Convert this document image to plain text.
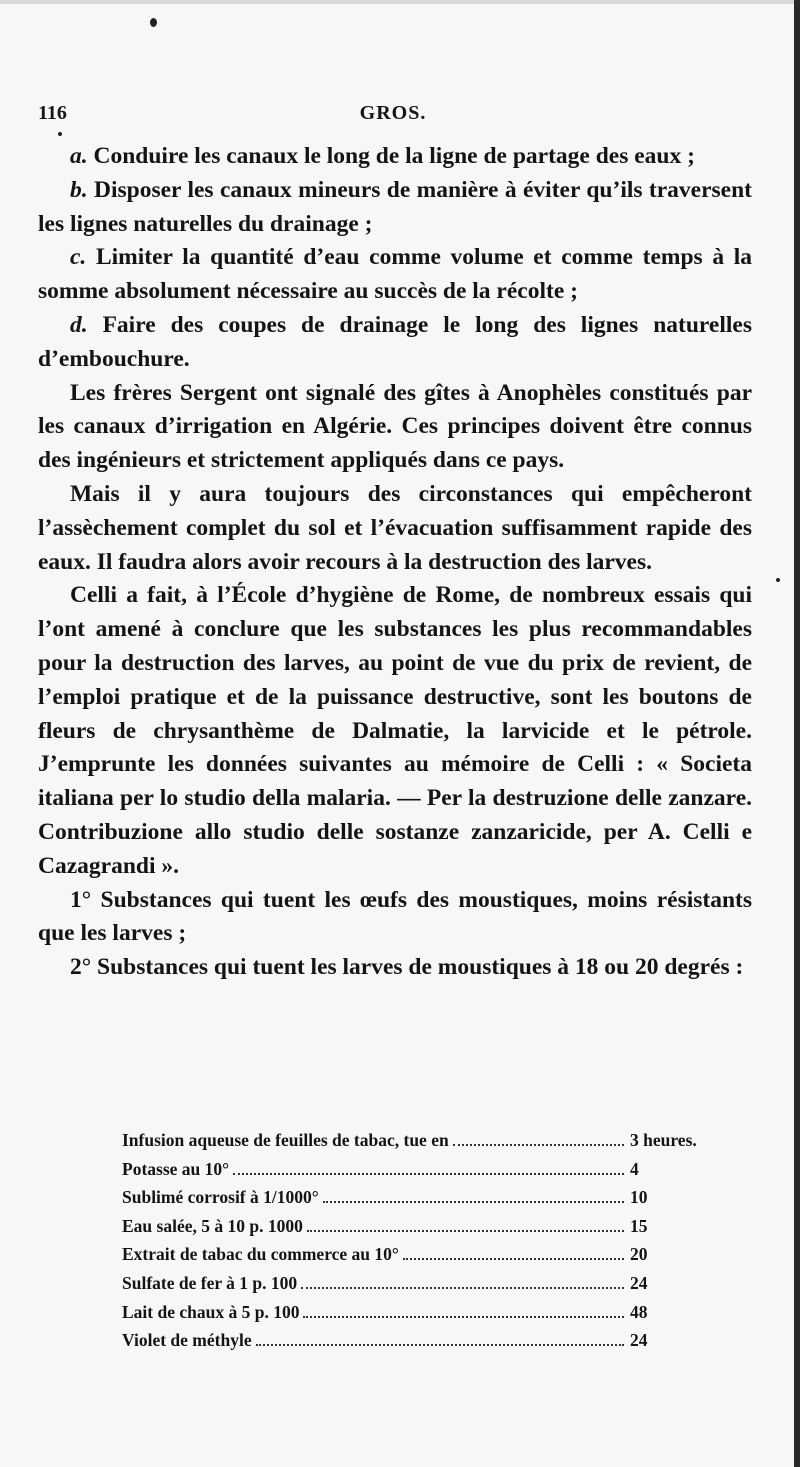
116	GROS.

a. Conduire les canaux le long de la ligne de partage des eaux ;

b. Disposer les canaux mineurs de manière à éviter qu’ils traversent les lignes naturelles du drainage ;

c. Limiter la quantité d’eau comme volume et comme temps à la somme absolument nécessaire au succès de la récolte ;

d. Faire des coupes de drainage le long des lignes naturelles d’embouchure.

Les frères Sergent ont signalé des gîtes à Anophèles constitués par les canaux d’irrigation en Algérie. Ces principes doivent être connus des ingénieurs et strictement appliqués dans ce pays.

Mais il y aura toujours des circonstances qui empêcheront l’assèchement complet du sol et l’évacuation suffisamment rapide des eaux. Il faudra alors avoir recours à la destruction des larves.

Celli a fait, à l’École d’hygiène de Rome, de nombreux essais qui l’ont amené à conclure que les substances les plus recommandables pour la destruction des larves, au point de vue du prix de revient, de l’emploi pratique et de la puissance destructive, sont les boutons de fleurs de chrysanthème de Dalmatie, la larvicide et le pétrole. J’emprunte les données suivantes au mémoire de Celli : « Societa italiana per lo studio della malaria. — Per la destruzione delle zanzare. Contribuzione allo studio delle sostanze zanzaricide, per A. Celli e Cazagrandi ».

1° Substances qui tuent les œufs des moustiques, moins résistants que les larves ;

2° Substances qui tuent les larves de moustiques à 18 ou 20 degrés :

Infusion aqueuse de feuilles de tabac, tue en	3 heures.
Potasse au 10°	4
Sublimé corrosif à 1/1000°	10
Eau salée, 5 à 10 p. 1000	15
Extrait de tabac du commerce au 10°	20
Sulfate de fer à 1 p. 100	24
Lait de chaux à 5 p. 100	48
Violet de méthyle	24
